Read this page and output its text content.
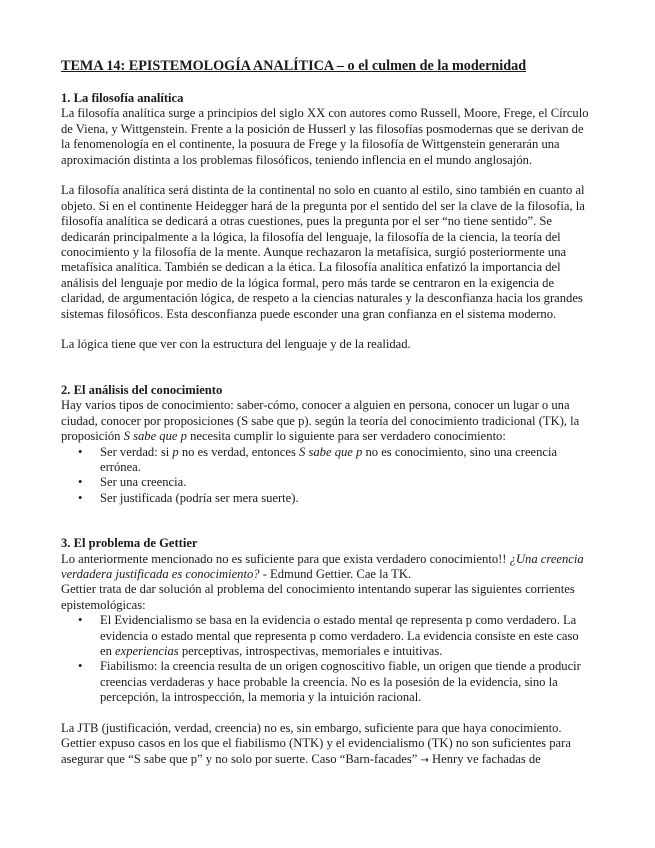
TEMA 14: EPISTEMOLOGÍA ANALÍTICA – o el culmen de la modernidad
1. La filosofía analítica

La filosofía analítica surge a principios del siglo XX con autores como Russell, Moore, Frege, el Círculo de Viena, y Wittgenstein. Frente a la posición de Husserl y las filosofías posmodernas que se derivan de la fenomenología en el continente, la posuura de Frege y la filosofía de Wittgenstein generarán una aproximación distinta a los problemas filosóficos, teniendo inflencia en el mundo anglosajón.

La filosofía analítica será distinta de la continental no solo en cuanto al estilo, sino también en cuanto al objeto. Si en el continente Heidegger hará de la pregunta por el sentido del ser la clave de la filosofía, la filosofía analítica se dedicará a otras cuestiones, pues la pregunta por el ser “no tiene sentido”. Se dedicarán principalmente a la lógica, la filosofía del lenguaje, la filosofía de la ciencia, la teoría del conocimiento y la filosofía de la mente. Aunque rechazaron la metafísica, surgió posteriormente una metafísica analítica. También se dedican a la ética. La filosofía analítica enfatizó la importancia del análisis del lenguaje por medio de la lógica formal, pero más tarde se centraron en la exigencia de claridad, de argumentación lógica, de respeto a la ciencias naturales y la desconfianza hacia los grandes sistemas filosóficos. Esta desconfianza puede esconder una gran confianza en el sistema moderno.

La lógica tiene que ver con la estructura del lenguaje y de la realidad.

2. El análisis del conocimiento

Hay varios tipos de conocimiento: saber-cómo, conocer a alguien en persona, conocer un lugar o una ciudad, conocer por proposiciones (S sabe que p). según la teoría del conocimiento tradicional (TK), la proposición S sabe que p necesita cumplir lo siguiente para ser verdadero conocimiento:

• Ser verdad: si p no es verdad, entonces S sabe que p no es conocimiento, sino una creencia errónea.
• Ser una creencia.
• Ser justificada (podría ser mera suerte).
3. El problema de Gettier

Lo anteriormente mencionado no es suficiente para que exista verdadero conocimiento!! ¿Una creencia verdadera justificada es conocimiento? - Edmund Gettier. Cae la TK.

Gettier trata de dar solución al problema del conocimiento intentando superar las siguientes corrientes epistemológicas:

• El Evidencialismo se basa en la evidencia o estado mental qe representa p como verdadero. La evidencia o estado mental que representa p como verdadero. La evidencia consiste en este caso en experiencias perceptivas, introspectivas, memoriales e intuitivas.
• Fiabilismo: la creencia resulta de un origen cognoscitivo fiable, un origen que tiende a producir creencias verdaderas y hace probable la creencia. No es la posesión de la evidencia, sino la percepción, la introspección, la memoria y la intuición racional.

La JTB (justificación, verdad, creencia) no es, sin embargo, suficiente para que haya conocimiento.

Gettier expuso casos en los que el fiabilismo (NTK) y el evidencialismo (TK) no son suficientes para asegurar que “S sabe que p” y no solo por suerte. Caso “Barn-facades” → Henry ve fachadas de
